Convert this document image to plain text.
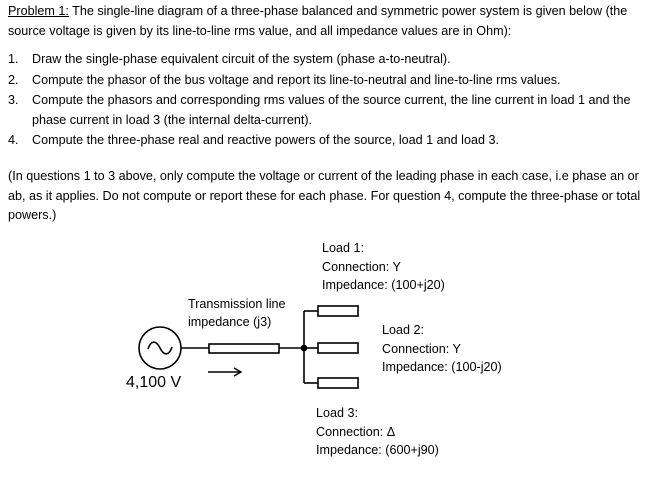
Problem 1: The single-line diagram of a three-phase balanced and symmetric power system is given below (the source voltage is given by its line-to-line rms value, and all impedance values are in Ohm):
1. Draw the single-phase equivalent circuit of the system (phase a-to-neutral).
2. Compute the phasor of the bus voltage and report its line-to-neutral and line-to-line rms values.
3. Compute the phasors and corresponding rms values of the source current, the line current in load 1 and the phase current in load 3 (the internal delta-current).
4. Compute the three-phase real and reactive powers of the source, load 1 and load 3.
(In questions 1 to 3 above, only compute the voltage or current of the leading phase in each case, i.e phase an or ab, as it applies. Do not compute or report these for each phase. For question 4, compute the three-phase or total powers.)
Load 1:
Connection: Y
Impedance: (100+j20)
Transmission line
impedance (j3)
Load 2:
Connection: Y
Impedance: (100-j20)
4,100 V
Load 3:
Connection: Δ
Impedance: (600+j90)
